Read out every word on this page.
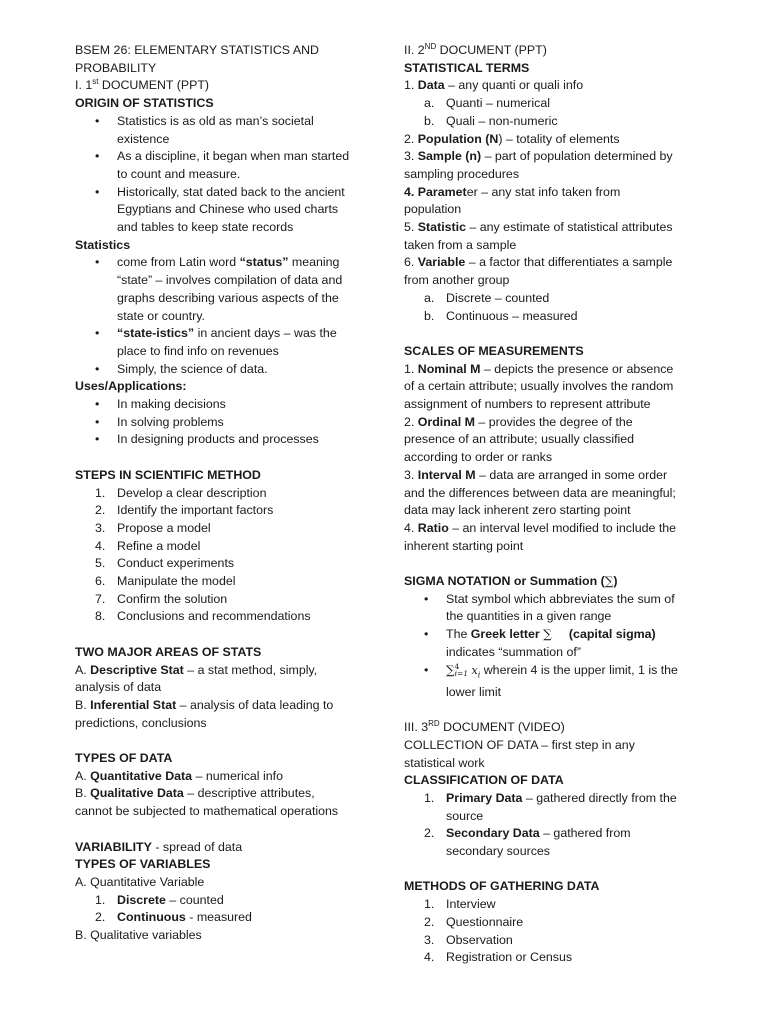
BSEM 26: ELEMENTARY STATISTICS AND
PROBABILITY
I. 1st DOCUMENT (PPT)
ORIGIN OF STATISTICS
• Statistics is as old as man’s societal
existence
• As a discipline, it began when man started
to count and measure.
• Historically, stat dated back to the ancient
Egyptians and Chinese who used charts
and tables to keep state records
Statistics
• come from Latin word “status” meaning
“state” – involves compilation of data and
graphs describing various aspects of the
state or country.
• “state-istics” in ancient days – was the
place to find info on revenues
• Simply, the science of data.
Uses/Applications:
• In making decisions
• In solving problems
• In designing products and processes
STEPS IN SCIENTIFIC METHOD
1. Develop a clear description
2. Identify the important factors
3. Propose a model
4. Refine a model
5. Conduct experiments
6. Manipulate the model
7. Confirm the solution
8. Conclusions and recommendations
TWO MAJOR AREAS OF STATS
A. Descriptive Stat – a stat method, simply,
analysis of data
B. Inferential Stat – analysis of data leading to
predictions, conclusions
TYPES OF DATA
A. Quantitative Data – numerical info
B. Qualitative Data – descriptive attributes,
cannot be subjected to mathematical operations
VARIABILITY - spread of data
TYPES OF VARIABLES
A. Quantitative Variable
1. Discrete – counted
2. Continuous - measured
B. Qualitative variables
II. 2ND DOCUMENT (PPT)
STATISTICAL TERMS
1. Data – any quanti or quali info
a. Quanti – numerical
b. Quali – non-numeric
2. Population (N) – totality of elements
3. Sample (n) – part of population determined by
sampling procedures
4. Parameter – any stat info taken from
population
5. Statistic – any estimate of statistical attributes
taken from a sample
6. Variable – a factor that differentiates a sample
from another group
a. Discrete – counted
b. Continuous – measured
SCALES OF MEASUREMENTS
1. Nominal M – depicts the presence or absence
of a certain attribute; usually involves the random
assignment of numbers to represent attribute
2. Ordinal M – provides the degree of the
presence of an attribute; usually classified
according to order or ranks
3. Interval M – data are arranged in some order
and the differences between data are meaningful;
data may lack inherent zero starting point
4. Ratio – an interval level modified to include the
inherent starting point
SIGMA NOTATION or Summation (∑)
• Stat symbol which abbreviates the sum of
the quantities in a given range
• The Greek letter ∑ (capital sigma)
indicates “summation of”
• ∑ 4
i=1 $x_i$ wherein 4 is the upper limit, 1 is the
lower limit
III. 3RD DOCUMENT (VIDEO)
COLLECTION OF DATA – first step in any
statistical work
CLASSIFICATION OF DATA
1. Primary Data – gathered directly from the
source
2. Secondary Data – gathered from
secondary sources
METHODS OF GATHERING DATA
1. Interview
2. Questionnaire
3. Observation
4. Registration or Census
